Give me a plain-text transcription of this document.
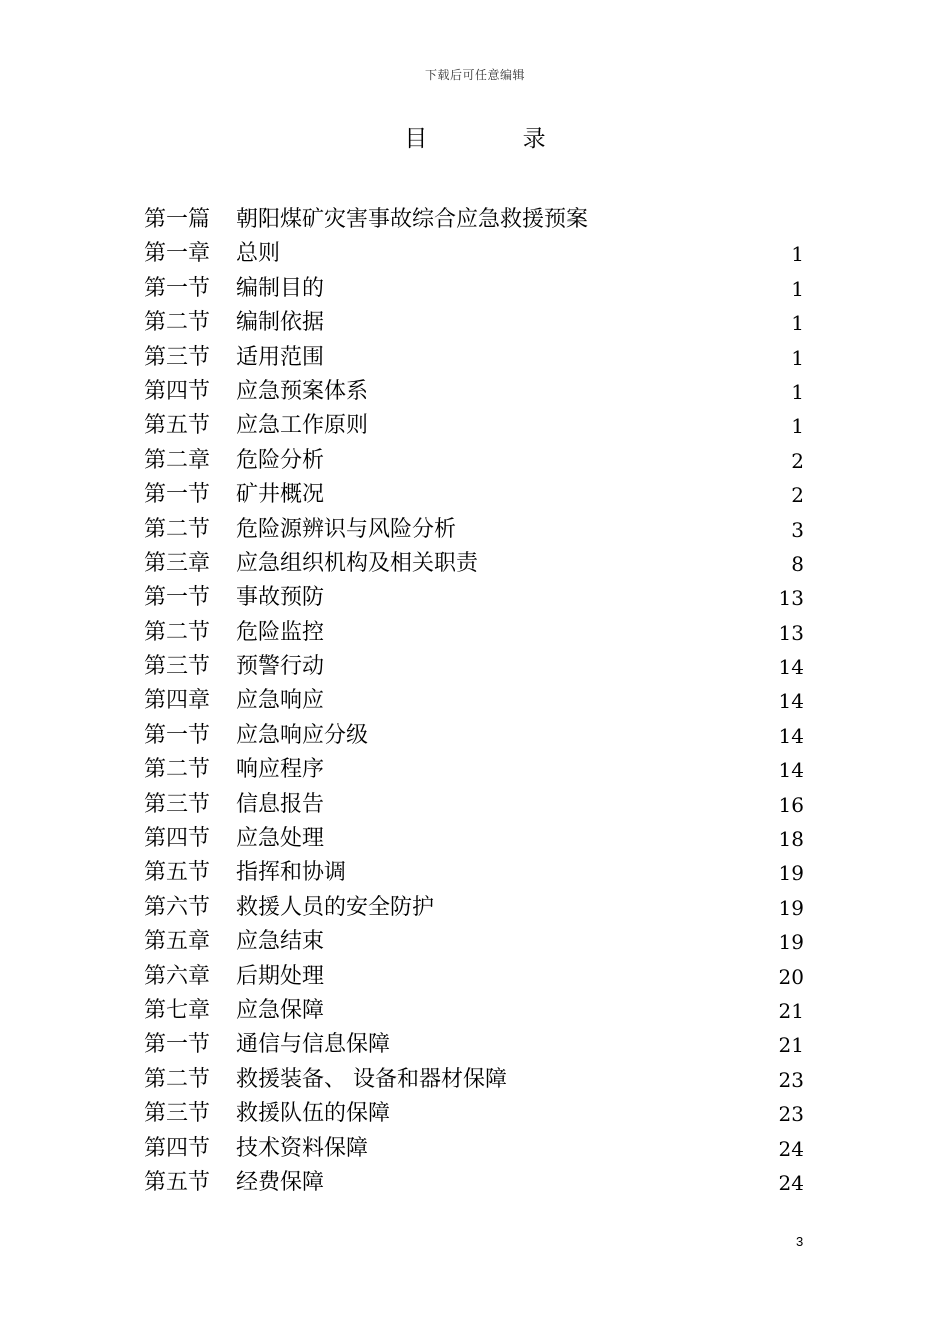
下载后可任意编辑
目 录
第一篇 朝阳煤矿灾害事故综合应急救援预案
第一章 总则	1
第一节 编制目的	1
第二节 编制依据	1
第三节 适用范围	1
第四节 应急预案体系	1
第五节 应急工作原则	1
第二章 危险分析	2
第一节 矿井概况	2
第二节 危险源辨识与风险分析	3
第三章 应急组织机构及相关职责	8
第一节 事故预防	13
第二节 危险监控	13
第三节 预警行动	14
第四章 应急响应	14
第一节 应急响应分级	14
第二节 响应程序	14
第三节 信息报告	16
第四节 应急处理	18
第五节 指挥和协调	19
第六节 救援人员的安全防护	19
第五章 应急结束	19
第六章 后期处理	20
第七章 应急保障	21
第一节 通信与信息保障	21
第二节 救援装备、 设备和器材保障	23
第三节 救援队伍的保障	23
第四节 技术资料保障	24
第五节 经费保障	24
3
